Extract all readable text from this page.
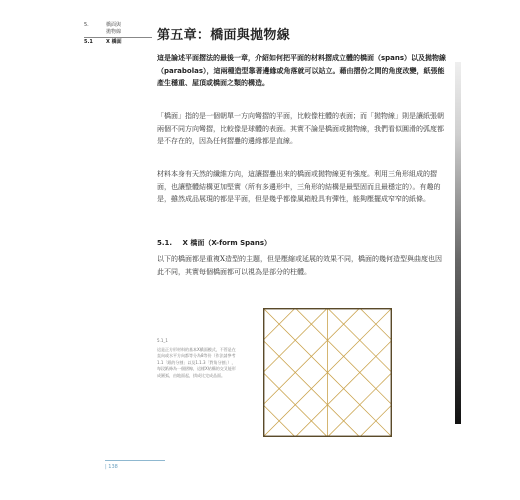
5.	橋面與
拋物線
5.1	X 橋面	第五章：橋面與拋物線
這是論述平面摺法的最後一章，介紹如何把平面的材料摺成立體的橋面（spans）以及拋物線（parabolas），這兩種造型靠著邊緣或角落就可以站立。藉由摺份之間的角度改變，紙張能產生穩重、屋頂或橋面之類的構造。
「橋面」指的是一個朝單一方向彎摺的平面，比較像柱體的表面；而「拋物線」則是讓紙張朝兩個不同方向彎摺，比較像是球體的表面。其實不論是橋面或拋物線，我們看似圓滑的弧度都是不存在的，因為任何摺疊的邊緣都是直線。
材料本身有天然的纖維方向，這讓摺疊出來的橋面或拋物線更有強度。利用三角形組成的摺面，也讓整體結構更加堅實（所有多邊形中，三角形的結構是最堅固而且最穩定的）。有趣的是，雖然成品展現的都是平面，但是幾乎都像風箱般具有彈性，能夠壓擺成窄窄的紙條。
5.1. X 橋面（X-form Spans）
以下的橋面都是重複X造型的主題，但是壓縮或延展的效果不同，橋面的幾何造型與曲度也因此不同，其實每個橋面都可以視為是部分的柱體。
5.1_1
這是正方形材料的基本X橋面模式，不管是在直向或水平方向都等分為8等份（作法請參考1.1「紙的分割」以及1.1.3「對角分割」），每段紙條為一個摺線，這樣X結構的交叉能形成圓弧，由地面起，拱成比完成品面。
| 138
